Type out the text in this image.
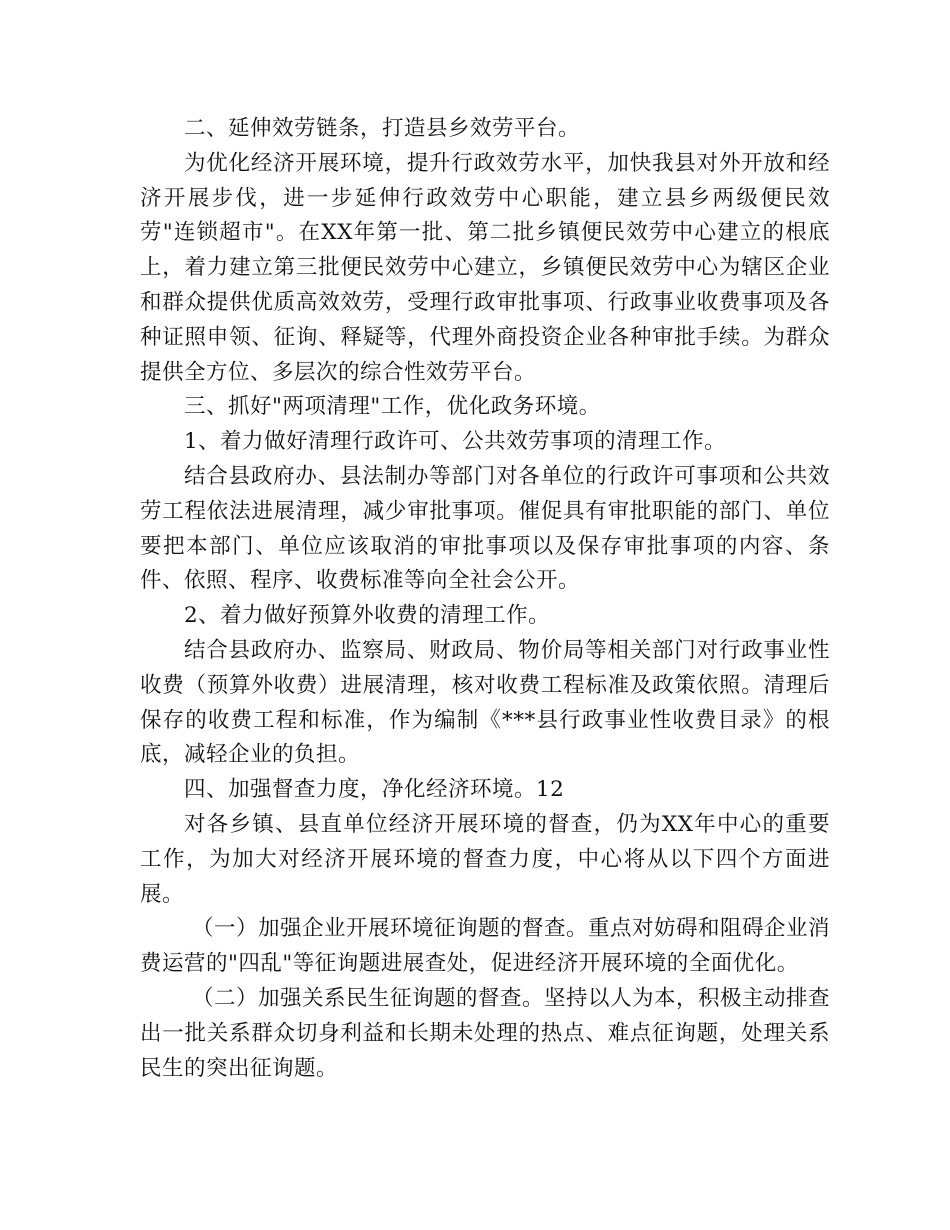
二、延伸效劳链条，打造县乡效劳平台。

为优化经济开展环境，提升行政效劳水平，加快我县对外开放和经济开展步伐，进一步延伸行政效劳中心职能，建立县乡两级便民效劳"连锁超市"。在XX年第一批、第二批乡镇便民效劳中心建立的根底上，着力建立第三批便民效劳中心建立，乡镇便民效劳中心为辖区企业和群众提供优质高效效劳，受理行政审批事项、行政事业收费事项及各种证照申领、征询、释疑等，代理外商投资企业各种审批手续。为群众提供全方位、多层次的综合性效劳平台。

三、抓好"两项清理"工作，优化政务环境。

1、着力做好清理行政许可、公共效劳事项的清理工作。

结合县政府办、县法制办等部门对各单位的行政许可事项和公共效劳工程依法进展清理，减少审批事项。催促具有审批职能的部门、单位要把本部门、单位应该取消的审批事项以及保存审批事项的内容、条件、依照、程序、收费标准等向全社会公开。

2、着力做好预算外收费的清理工作。

结合县政府办、监察局、财政局、物价局等相关部门对行政事业性收费（预算外收费）进展清理，核对收费工程标准及政策依照。清理后保存的收费工程和标准，作为编制《***县行政事业性收费目录》的根底，减轻企业的负担。

四、加强督查力度，净化经济环境。12

对各乡镇、县直单位经济开展环境的督查，仍为XX年中心的重要工作，为加大对经济开展环境的督查力度，中心将从以下四个方面进展。

（一）加强企业开展环境征询题的督查。重点对妨碍和阻碍企业消费运营的"四乱"等征询题进展查处，促进经济开展环境的全面优化。

（二）加强关系民生征询题的督查。坚持以人为本，积极主动排查出一批关系群众切身利益和长期未处理的热点、难点征询题，处理关系民生的突出征询题。
